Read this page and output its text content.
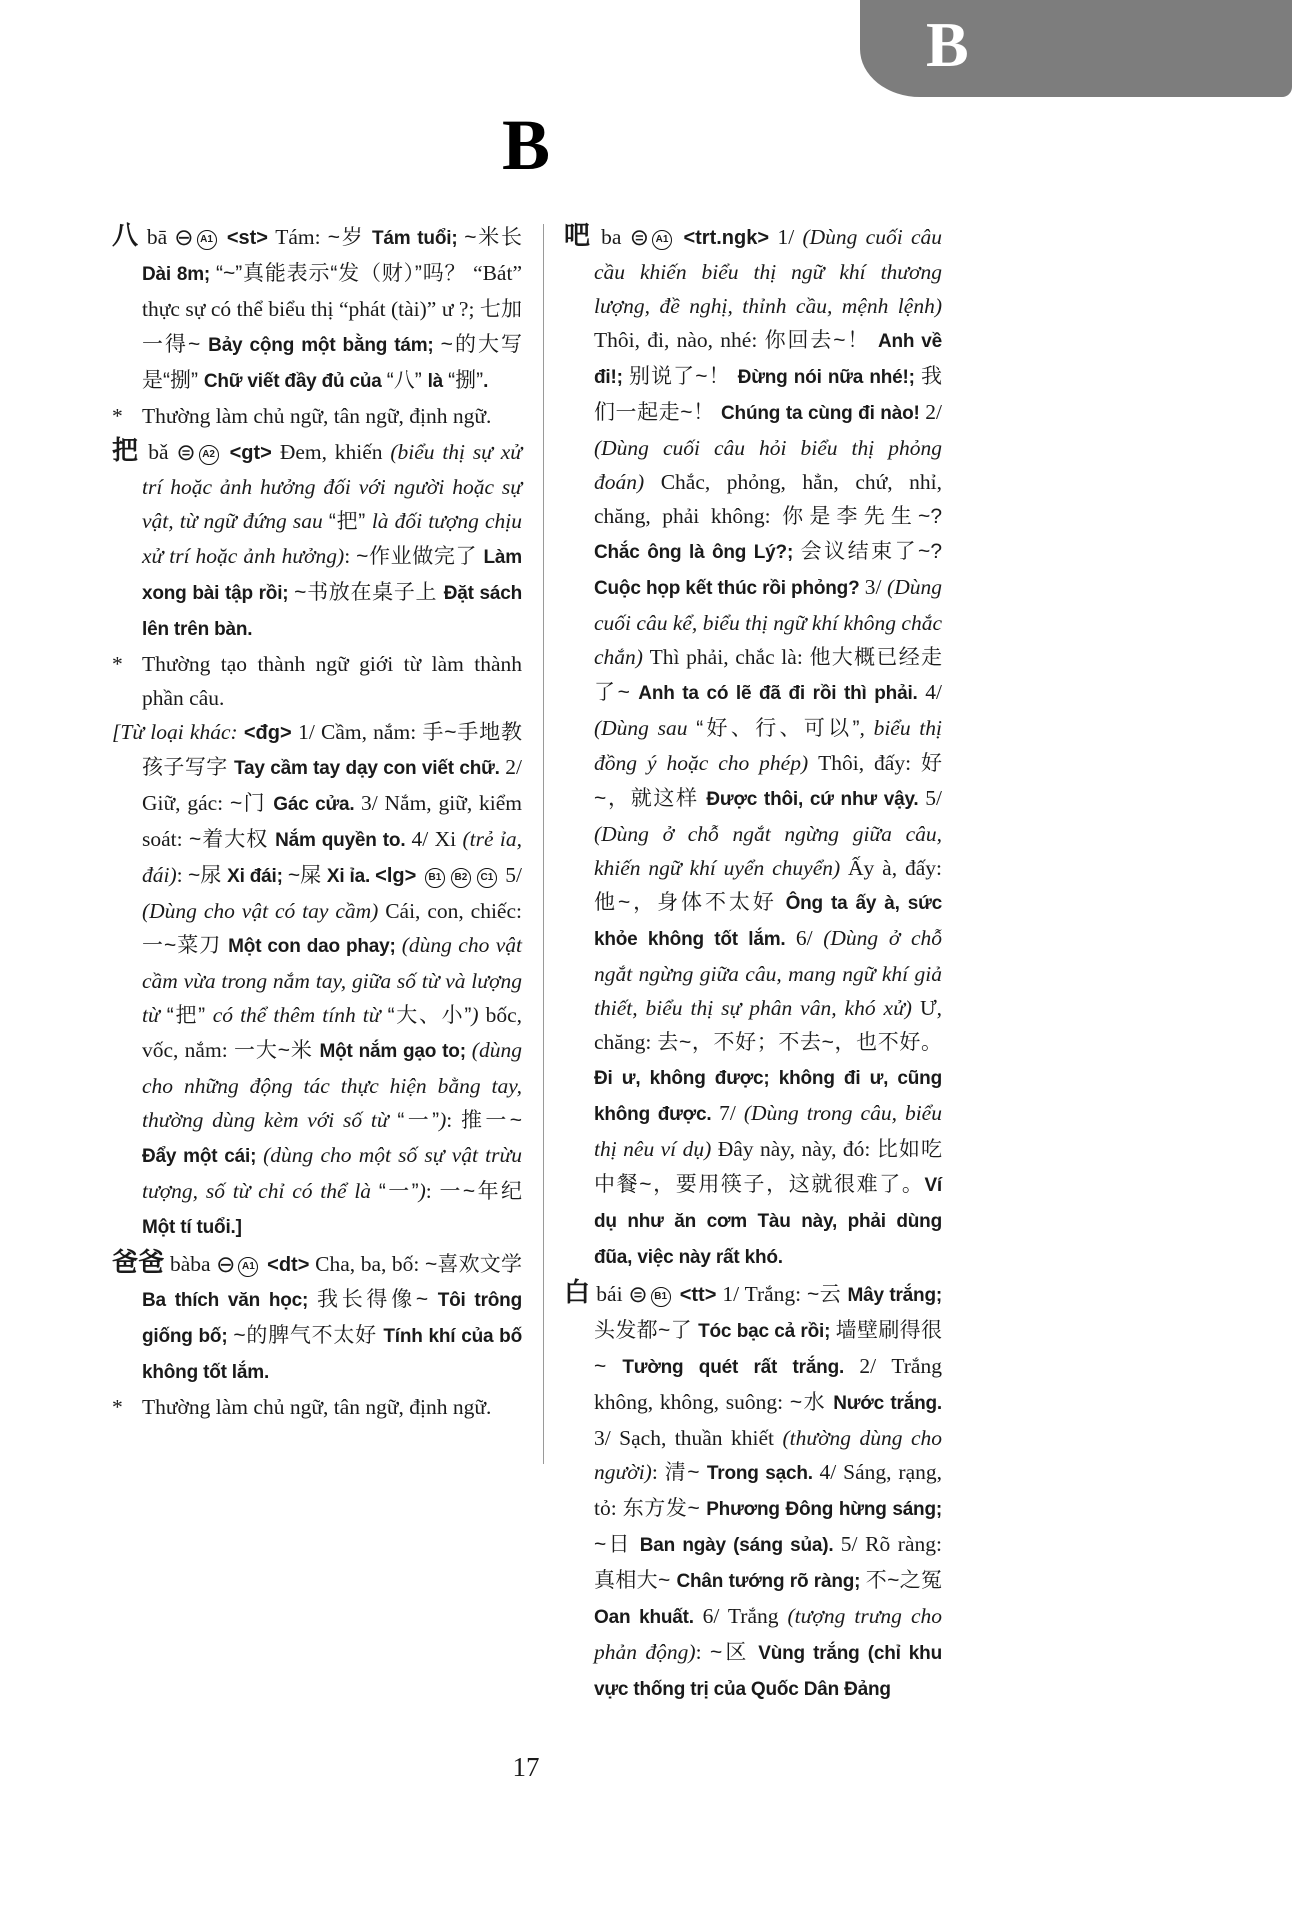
B
B

八 bā ⊖ A1 <st> Tám: ~岁 Tám tuổi; ~米长 Dài 8m; “~”真能表示“发（财）”吗？ “Bát” thực sự có thể biểu thị “phát (tài)” ư ?; 七加一得~ Bảy cộng một bằng tám; ~的大写是“捌” Chữ viết đầy đủ của “八” là “捌”.

* Thường làm chủ ngữ, tân ngữ, định ngữ.

把 bǎ ⊜ A2 <gt> Đem, khiến (biểu thị sự xử trí hoặc ảnh hưởng đối với người hoặc sự vật, từ ngữ đứng sau “把” là đối tượng chịu xử trí hoặc ảnh hưởng): ~作业做完了 Làm xong bài tập rồi; ~书放在桌子上 Đặt sách lên trên bàn.

* Thường tạo thành ngữ giới từ làm thành phần câu.

[Từ loại khác: <đg> 1/ Cầm, nắm: 手~手地教孩子写字 Tay cầm tay dạy con viết chữ. 2/ Giữ, gác: ~门 Gác cửa. 3/ Nắm, giữ, kiểm soát: ~着大权 Nắm quyền to. 4/ Xi (trẻ ỉa, đái): ~尿 Xi đái; ~屎 Xi ỉa. <lg> B1 B2 C1 5/ (Dùng cho vật có tay cầm) Cái, con, chiếc: 一~菜刀 Một con dao phay; (dùng cho vật cầm vừa trong nắm tay, giữa số từ và lượng từ “把” có thể thêm tính từ “大、小”) bốc, vốc, nắm: 一大~米 Một nắm gạo to; (dùng cho những động tác thực hiện bằng tay, thường dùng kèm với số từ “一”): 推一~ Đẩy một cái; (dùng cho một số sự vật trừu tượng, số từ chỉ có thể là “一”): 一~年纪 Một tí tuổi.]

爸爸 bàba ⊖ A1 <dt> Cha, ba, bố: ~喜欢文学 Ba thích văn học; 我长得像~ Tôi trông giống bố; ~的脾气不太好 Tính khí của bố không tốt lắm.

* Thường làm chủ ngữ, tân ngữ, định ngữ.

吧 ba ⊜ A1 <trt.ngk> 1/ (Dùng cuối câu cầu khiến biểu thị ngữ khí thương lượng, đề nghị, thỉnh cầu, mệnh lệnh) Thôi, đi, nào, nhé: 你回去~！ Anh về đi!; 别说了~！ Đừng nói nữa nhé!; 我们一起走~！ Chúng ta cùng đi nào! 2/ (Dùng cuối câu hỏi biểu thị phỏng đoán) Chắc, phỏng, hẳn, chứ, nhỉ, chăng, phải không: 你是李先生~? Chắc ông là ông Lý?; 会议结束了~? Cuộc họp kết thúc rồi phỏng? 3/ (Dùng cuối câu kể, biểu thị ngữ khí không chắc chắn) Thì phải, chắc là: 他大概已经走了~ Anh ta có lẽ đã đi rồi thì phải. 4/ (Dùng sau “好、行、可以”, biểu thị đồng ý hoặc cho phép) Thôi, đấy: 好~，就这样 Được thôi, cứ như vậy. 5/ (Dùng ở chỗ ngắt ngừng giữa câu, khiến ngữ khí uyển chuyển) Ấy à, đấy: 他~，身体不太好 Ông ta ấy à, sức khỏe không tốt lắm. 6/ (Dùng ở chỗ ngắt ngừng giữa câu, mang ngữ khí giả thiết, biểu thị sự phân vân, khó xử) Ư, chăng: 去~，不好；不去~，也不好。Đi ư, không được; không đi ư, cũng không được. 7/ (Dùng trong câu, biểu thị nêu ví dụ) Đây này, này, đó: 比如吃中餐~，要用筷子，这就很难了。Ví dụ như ăn cơm Tàu này, phải dùng đũa, việc này rất khó.

白 bái ⊜ B1 <tt> 1/ Trắng: ~云 Mây trắng; 头发都~了 Tóc bạc cả rồi; 墙壁刷得很~ Tường quét rất trắng. 2/ Trắng không, không, suông: ~水 Nước trắng. 3/ Sạch, thuần khiết (thường dùng cho người): 清~ Trong sạch. 4/ Sáng, rạng, tỏ: 东方发~ Phương Đông hừng sáng; ~日 Ban ngày (sáng sủa). 5/ Rõ ràng: 真相大~ Chân tướng rõ ràng; 不~之冤 Oan khuất. 6/ Trắng (tượng trưng cho phản động): ~区 Vùng trắng (chỉ khu vực thống trị của Quốc Dân Đảng

17
